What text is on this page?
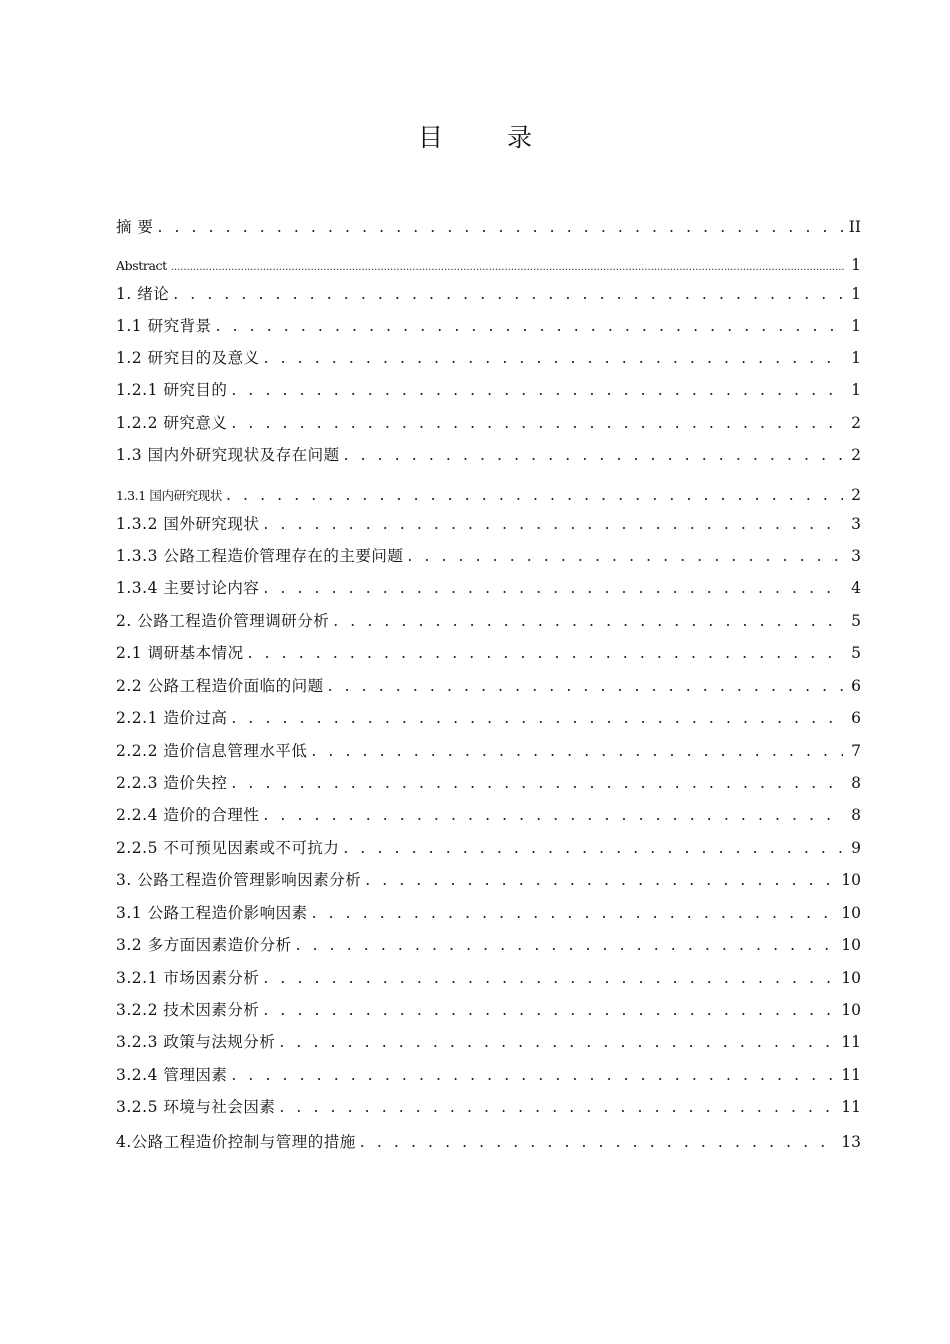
目 录
摘 要 . . .	II
Abstract .....	1
1. 绪论 . . .	1
1.1 研究背景 . . .	1
1.2 研究目的及意义 . . .	1
1.2.1 研究目的 . . .	1
1.2.2 研究意义 . . .	2
1.3 国内外研究现状及存在问题 . . .	2
1.3.1 国内研究现状 . . .	2
1.3.2 国外研究现状 . . .	3
1.3.3 公路工程造价管理存在的主要问题 . . .	3
1.3.4 主要讨论内容 . . .	4
2. 公路工程造价管理调研分析 . . .	5
2.1 调研基本情况 . . .	5
2.2 公路工程造价面临的问题 . . .	6
2.2.1 造价过高 . . .	6
2.2.2 造价信息管理水平低 . . .	7
2.2.3 造价失控 . . .	8
2.2.4 造价的合理性 . . .	8
2.2.5 不可预见因素或不可抗力 . . .	9
3. 公路工程造价管理影响因素分析 . . .	10
3.1 公路工程造价影响因素 . . .	10
3.2 多方面因素造价分析 . . .	10
3.2.1 市场因素分析 . . .	10
3.2.2 技术因素分析 . . .	10
3.2.3 政策与法规分析 . . .	11
3.2.4 管理因素 . . .	11
3.2.5 环境与社会因素 . . .	11
4.公路工程造价控制与管理的措施 . . .	13
